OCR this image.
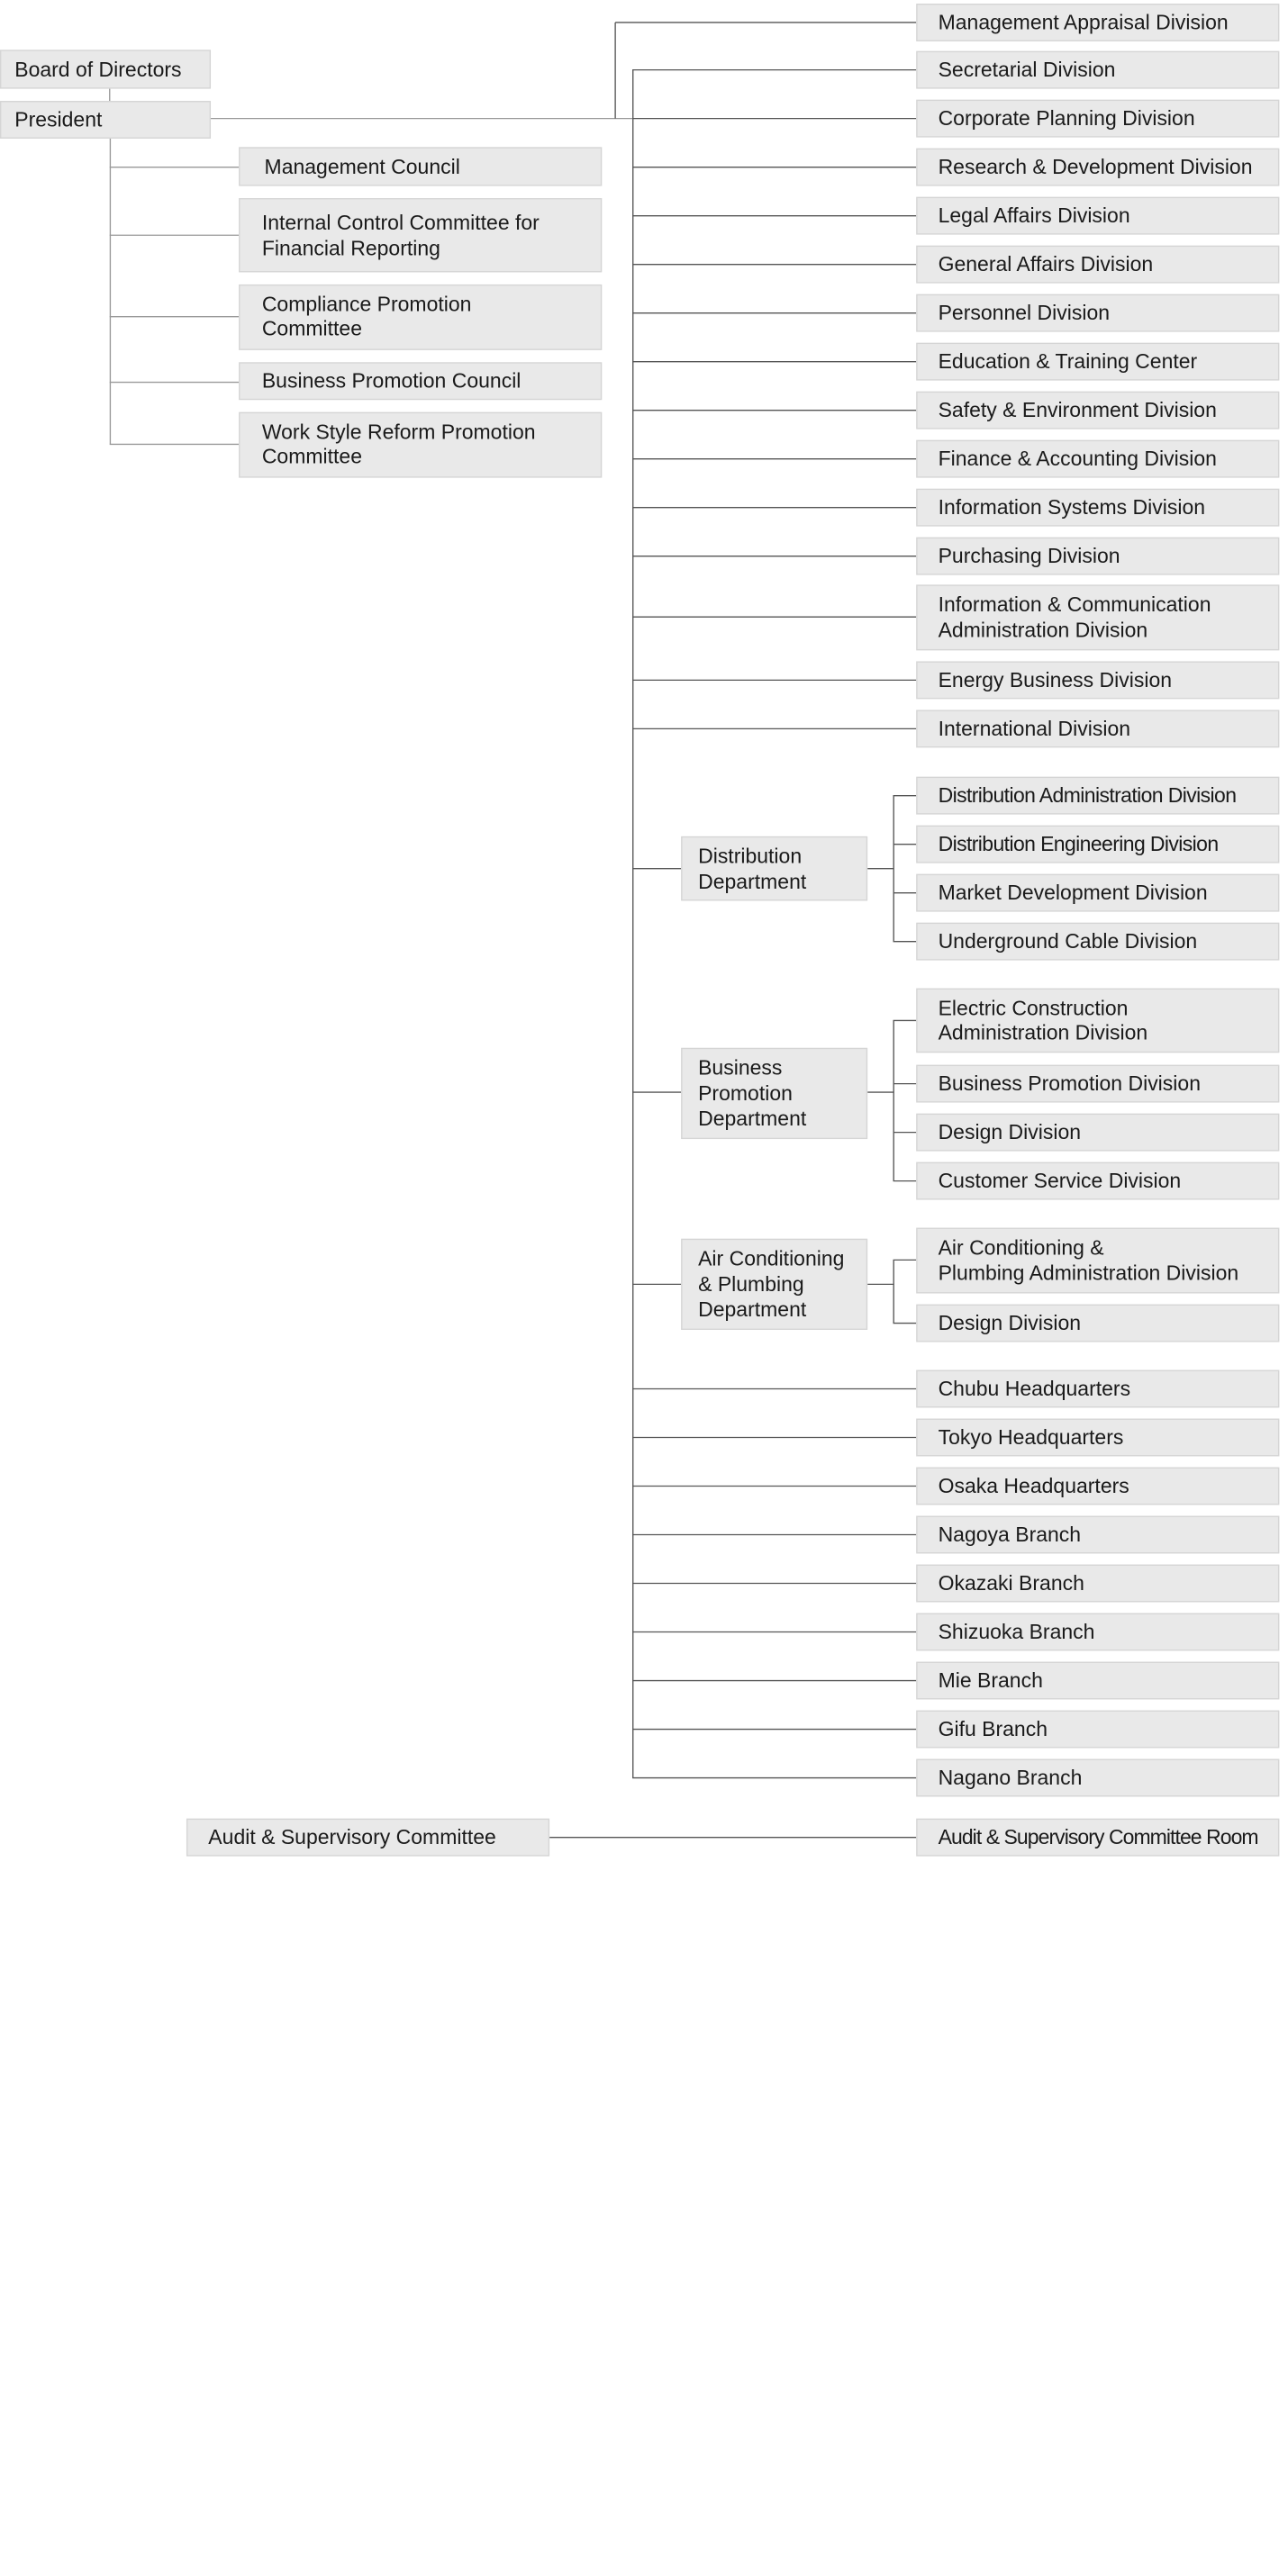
Board of Directors
President
Management Council
Internal Control Committee for
Financial Reporting
Compliance Promotion
Committee
Business Promotion Council
Work Style Reform Promotion
Committee
Management Appraisal Division
Secretarial Division
Corporate Planning Division
Research & Development Division
Legal Affairs Division
General Affairs Division
Personnel Division
Education & Training Center
Safety & Environment Division
Finance & Accounting Division
Information Systems Division
Purchasing Division
Information & Communication
Administration Division
Energy Business Division
International Division
Distribution
Department
Distribution Administration Division
Distribution Engineering Division
Market Development Division
Underground Cable Division
Business
Promotion
Department
Electric Construction
Administration Division
Business Promotion Division
Design Division
Customer Service Division
Air Conditioning
& Plumbing
Department
Air Conditioning &
Plumbing Administration Division
Design Division
Chubu Headquarters
Tokyo Headquarters
Osaka Headquarters
Nagoya Branch
Okazaki Branch
Shizuoka Branch
Mie Branch
Gifu Branch
Nagano Branch
Audit & Supervisory Committee	Audit & Supervisory Committee Room
